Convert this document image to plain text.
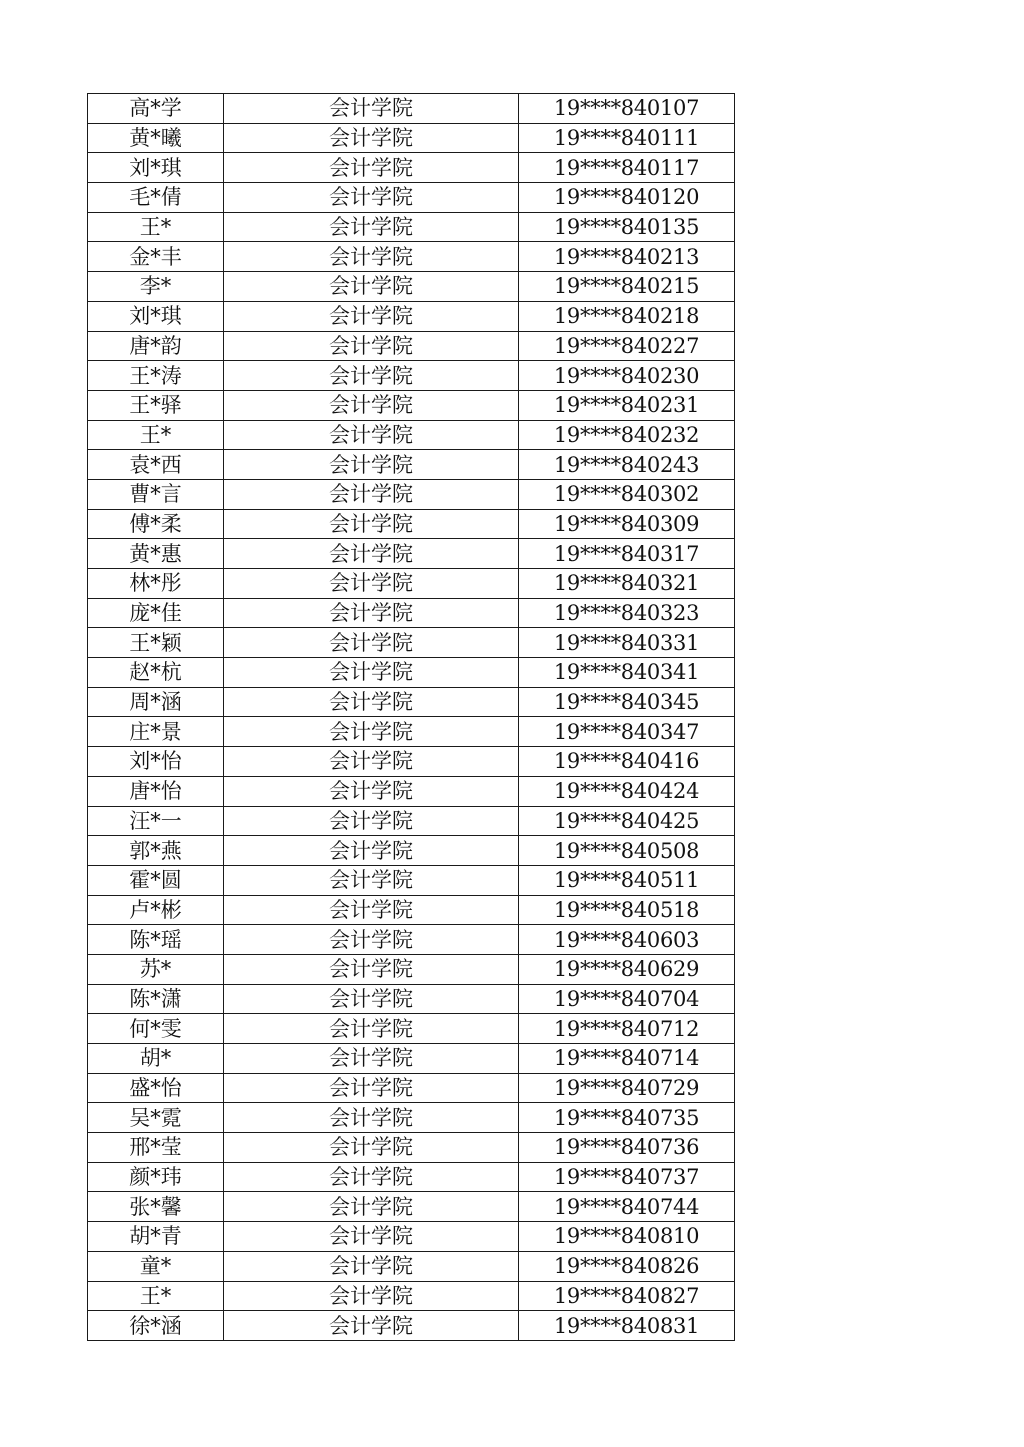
高*学	会计学院	19****840107
黄*曦	会计学院	19****840111
刘*琪	会计学院	19****840117
毛*倩	会计学院	19****840120
王*	会计学院	19****840135
金*丰	会计学院	19****840213
李*	会计学院	19****840215
刘*琪	会计学院	19****840218
唐*韵	会计学院	19****840227
王*涛	会计学院	19****840230
王*驿	会计学院	19****840231
王*	会计学院	19****840232
袁*西	会计学院	19****840243
曹*言	会计学院	19****840302
傅*柔	会计学院	19****840309
黄*惠	会计学院	19****840317
林*彤	会计学院	19****840321
庞*佳	会计学院	19****840323
王*颖	会计学院	19****840331
赵*杭	会计学院	19****840341
周*涵	会计学院	19****840345
庄*景	会计学院	19****840347
刘*怡	会计学院	19****840416
唐*怡	会计学院	19****840424
汪*一	会计学院	19****840425
郭*燕	会计学院	19****840508
霍*圆	会计学院	19****840511
卢*彬	会计学院	19****840518
陈*瑶	会计学院	19****840603
苏*	会计学院	19****840629
陈*潇	会计学院	19****840704
何*雯	会计学院	19****840712
胡*	会计学院	19****840714
盛*怡	会计学院	19****840729
吴*霓	会计学院	19****840735
邢*莹	会计学院	19****840736
颜*玮	会计学院	19****840737
张*馨	会计学院	19****840744
胡*青	会计学院	19****840810
童*	会计学院	19****840826
王*	会计学院	19****840827
徐*涵	会计学院	19****840831
